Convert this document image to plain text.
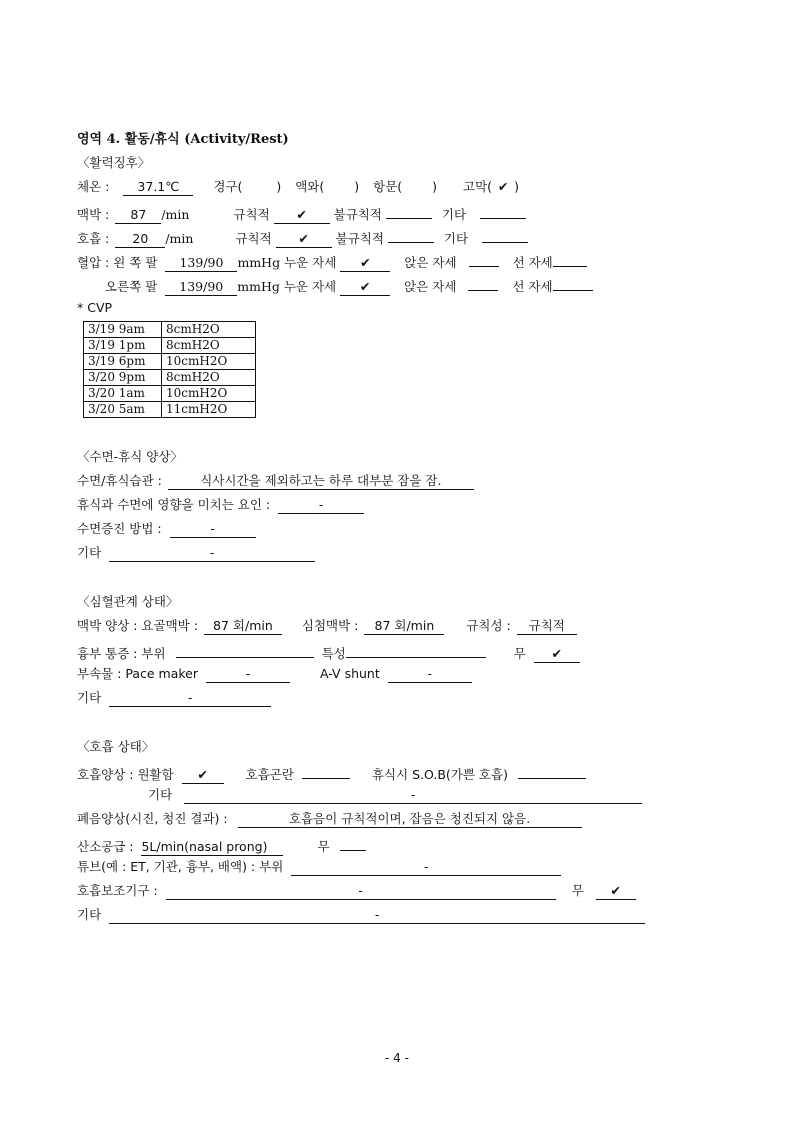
영역 4. 활동/휴식 (Activity/Rest)
〈활력징후〉
체온 : 37.1℃	경구(	) 액와( ) 항문( ) 고막( ✔ )
맥박 : 87 /min	규칙적 ✔ 불규칙적	기타
호흡 : 20 /min	규칙적 ✔ 불규칙적	기타
혈압 : 왼 쪽 팔 139/90 mmHg 누운 자세 ✔	앉은 자세	선 자세
오른쪽 팔 139/90 mmHg 누운 자세 ✔	앉은 자세	선 자세
* CVP
3/19 9am	8cmH2O
3/19 1pm	8cmH2O
3/19 6pm	10cmH2O
3/20 9pm	8cmH2O
3/20 1am	10cmH2O
3/20 5am	11cmH2O
〈수면-휴식 양상〉
수면/휴식습관 :	식사시간을 제외하고는 하루 대부분 잠을 잠.
휴식과 수면에 영향을 미치는 요인 :	-
수면증진 방법 :	-
기타	-
〈심혈관계 상태〉
맥박 양상 : 요골맥박 : 87 회/min 심첨맥박 : 87 회/min	규칙성 : 규칙적
흉부 통증 : 부위	특성	무 ✔
부속물 : Pace maker	-	A-V shunt	-
기타	-
〈호흡 상태〉
호흡양상 : 원활함 ✔	호흡곤란	휴식시 S.O.B(가쁜 호흡)
기타	-
폐음양상(시진, 청진 결과) :	호흡음이 규칙적이며, 잡음은 청진되지 않음.
산소공급 : 5L/min(nasal prong)	무
튜브(예 : ET, 기관, 흉부, 배액) : 부위	-
호흡보조기구 :	-	무 ✔
기타	-
- 4 -
